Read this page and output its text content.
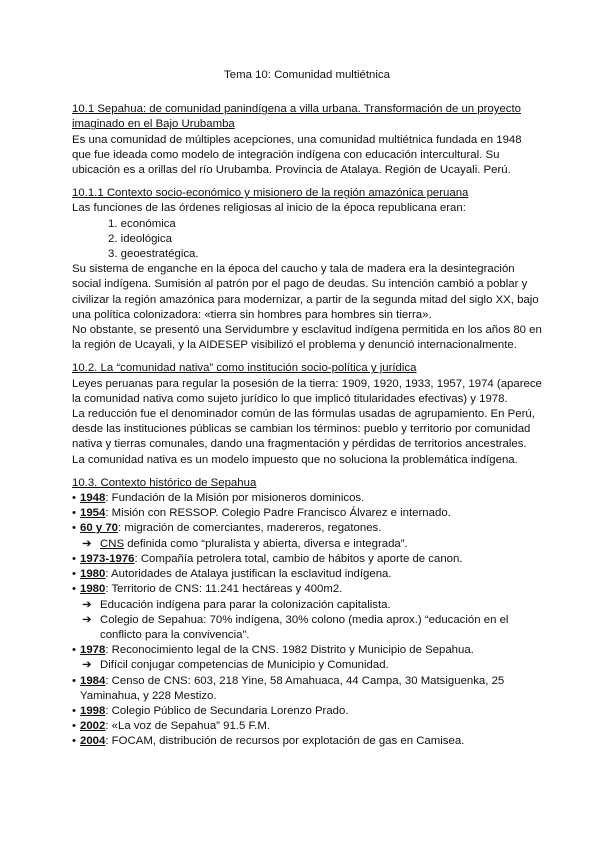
Tema 10: Comunidad multiétnica

10.1 Sepahua: de comunidad panindígena a villa urbana. Transformación de un proyecto imaginado en el Bajo Urubamba

Es una comunidad de múltiples acepciones, una comunidad multiétnica fundada en 1948 que fue ideada como modelo de integración indígena con educación intercultural. Su ubicación es a orillas del río Urubamba. Provincia de Atalaya. Región de Ucayali. Perú.

10.1.1 Contexto socio-económico y misionero de la región amazónica peruana

Las funciones de las órdenes religiosas al inicio de la época republicana eran:

1. económica
2. ideológica
3. geoestratégica.

Su sistema de enganche en la época del caucho y tala de madera era la desintegración social indígena. Sumisión al patrón por el pago de deudas. Su intención cambió a poblar y civilizar la región amazónica para modernizar, a partir de la segunda mitad del siglo XX, bajo una política colonizadora: «tierra sin hombres para hombres sin tierra».

No obstante, se presentó una Servidumbre y esclavitud indígena permitida en los años 80 en la región de Ucayali, y la AIDESEP visibilizó el problema y denunció internacionalmente.

10.2. La “comunidad nativa” como institución socio-política y jurídica

Leyes peruanas para regular la posesión de la tierra: 1909, 1920, 1933, 1957, 1974 (aparece la comunidad nativa como sujeto jurídico lo que implicó titularidades efectivas) y 1978.

La reducción fue el denominador común de las fórmulas usadas de agrupamiento. En Perú, desde las instituciones públicas se cambian los términos: pueblo y territorio por comunidad nativa y tierras comunales, dando una fragmentación y pérdidas de territorios ancestrales. La comunidad nativa es un modelo impuesto que no soluciona la problemática indígena.

10.3. Contexto histórico de Sepahua

• 1948: Fundación de la Misión por misioneros dominicos.
• 1954: Misión con RESSOP. Colegio Padre Francisco Álvarez e internado.
• 60 y 70: migración de comerciantes, madereros, regatones.
➔ CNS definida como “pluralista y abierta, diversa e integrada”.
• 1973-1976: Compañía petrolera total, cambio de hábitos y aporte de canon.
• 1980: Autoridades de Atalaya justifican la esclavitud indígena.
• 1980: Territorio de CNS: 11.241 hectáreas y 400m2.
➔ Educación indígena para parar la colonización capitalista.
➔ Colegio de Sepahua: 70% indígena, 30% colono (media aprox.) “educación en el conflicto para la convivencia”.
• 1978: Reconocimiento legal de la CNS. 1982 Distrito y Municipio de Sepahua.
➔ Difícil conjugar competencias de Municipio y Comunidad.
• 1984: Censo de CNS: 603, 218 Yine, 58 Amahuaca, 44 Campa, 30 Matsiguenka, 25 Yaminahua, y 228 Mestizo.
• 1998: Colegio Público de Secundaria Lorenzo Prado.
• 2002: «La voz de Sepahua” 91.5 F.M.
• 2004: FOCAM, distribución de recursos por explotación de gas en Camisea.
